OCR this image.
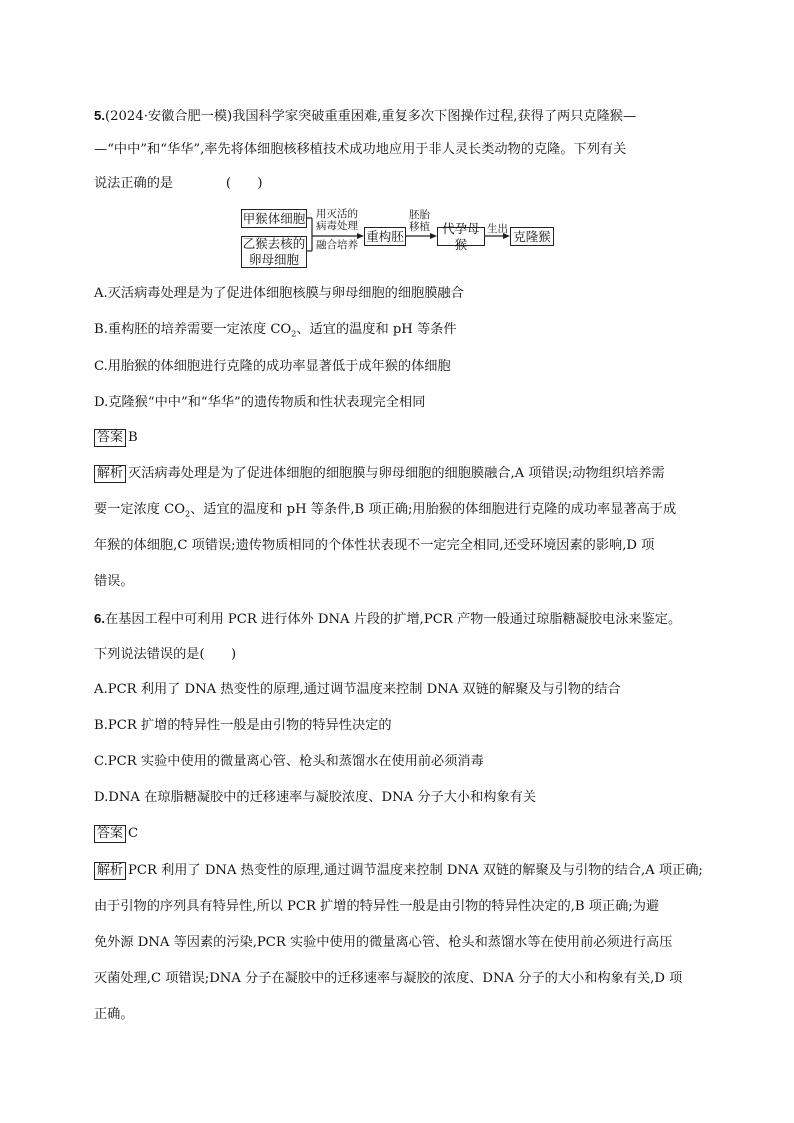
5.(2024·安徽合肥一模)我国科学家突破重重困难,重复多次下图操作过程,获得了两只克隆猴—
—“中中”和“华华”,率先将体细胞核移植技术成功地应用于非人灵长类动物的克隆。下列有关
说法正确的是　　　　(　　)
甲猴体细胞
乙猴去核的
卵母细胞
用灭活的
病毒处理
融合培养
重构胚
胚胎
移植 代孕母猴
生出 克隆猴
A.灭活病毒处理是为了促进体细胞核膜与卵母细胞的细胞膜融合
B.重构胚的培养需要一定浓度 $CO_2$、适宜的温度和 pH 等条件
C.用胎猴的体细胞进行克隆的成功率显著低于成年猴的体细胞
D.克隆猴“中中”和“华华”的遗传物质和性状表现完全相同
答案 B
解析 灭活病毒处理是为了促进体细胞的细胞膜与卵母细胞的细胞膜融合,A 项错误;动物组织培养需
要一定浓度 $CO_2$、适宜的温度和 pH 等条件,B 项正确;用胎猴的体细胞进行克隆的成功率显著高于成
年猴的体细胞,C 项错误;遗传物质相同的个体性状表现不一定完全相同,还受环境因素的影响,D 项
错误。
6.在基因工程中可利用 PCR 进行体外 DNA 片段的扩增,PCR 产物一般通过琼脂糖凝胶电泳来鉴定。
下列说法错误的是(　　)
A.PCR 利用了 DNA 热变性的原理,通过调节温度来控制 DNA 双链的解聚及与引物的结合
B.PCR 扩增的特异性一般是由引物的特异性决定的
C.PCR 实验中使用的微量离心管、枪头和蒸馏水在使用前必须消毒
D.DNA 在琼脂糖凝胶中的迁移速率与凝胶浓度、DNA 分子大小和构象有关
答案 C
解析 PCR 利用了 DNA 热变性的原理,通过调节温度来控制 DNA 双链的解聚及与引物的结合,A 项正确;
由于引物的序列具有特异性,所以 PCR 扩增的特异性一般是由引物的特异性决定的,B 项正确;为避
免外源 DNA 等因素的污染,PCR 实验中使用的微量离心管、枪头和蒸馏水等在使用前必须进行高压
灭菌处理,C 项错误;DNA 分子在凝胶中的迁移速率与凝胶的浓度、DNA 分子的大小和构象有关,D 项
正确。
